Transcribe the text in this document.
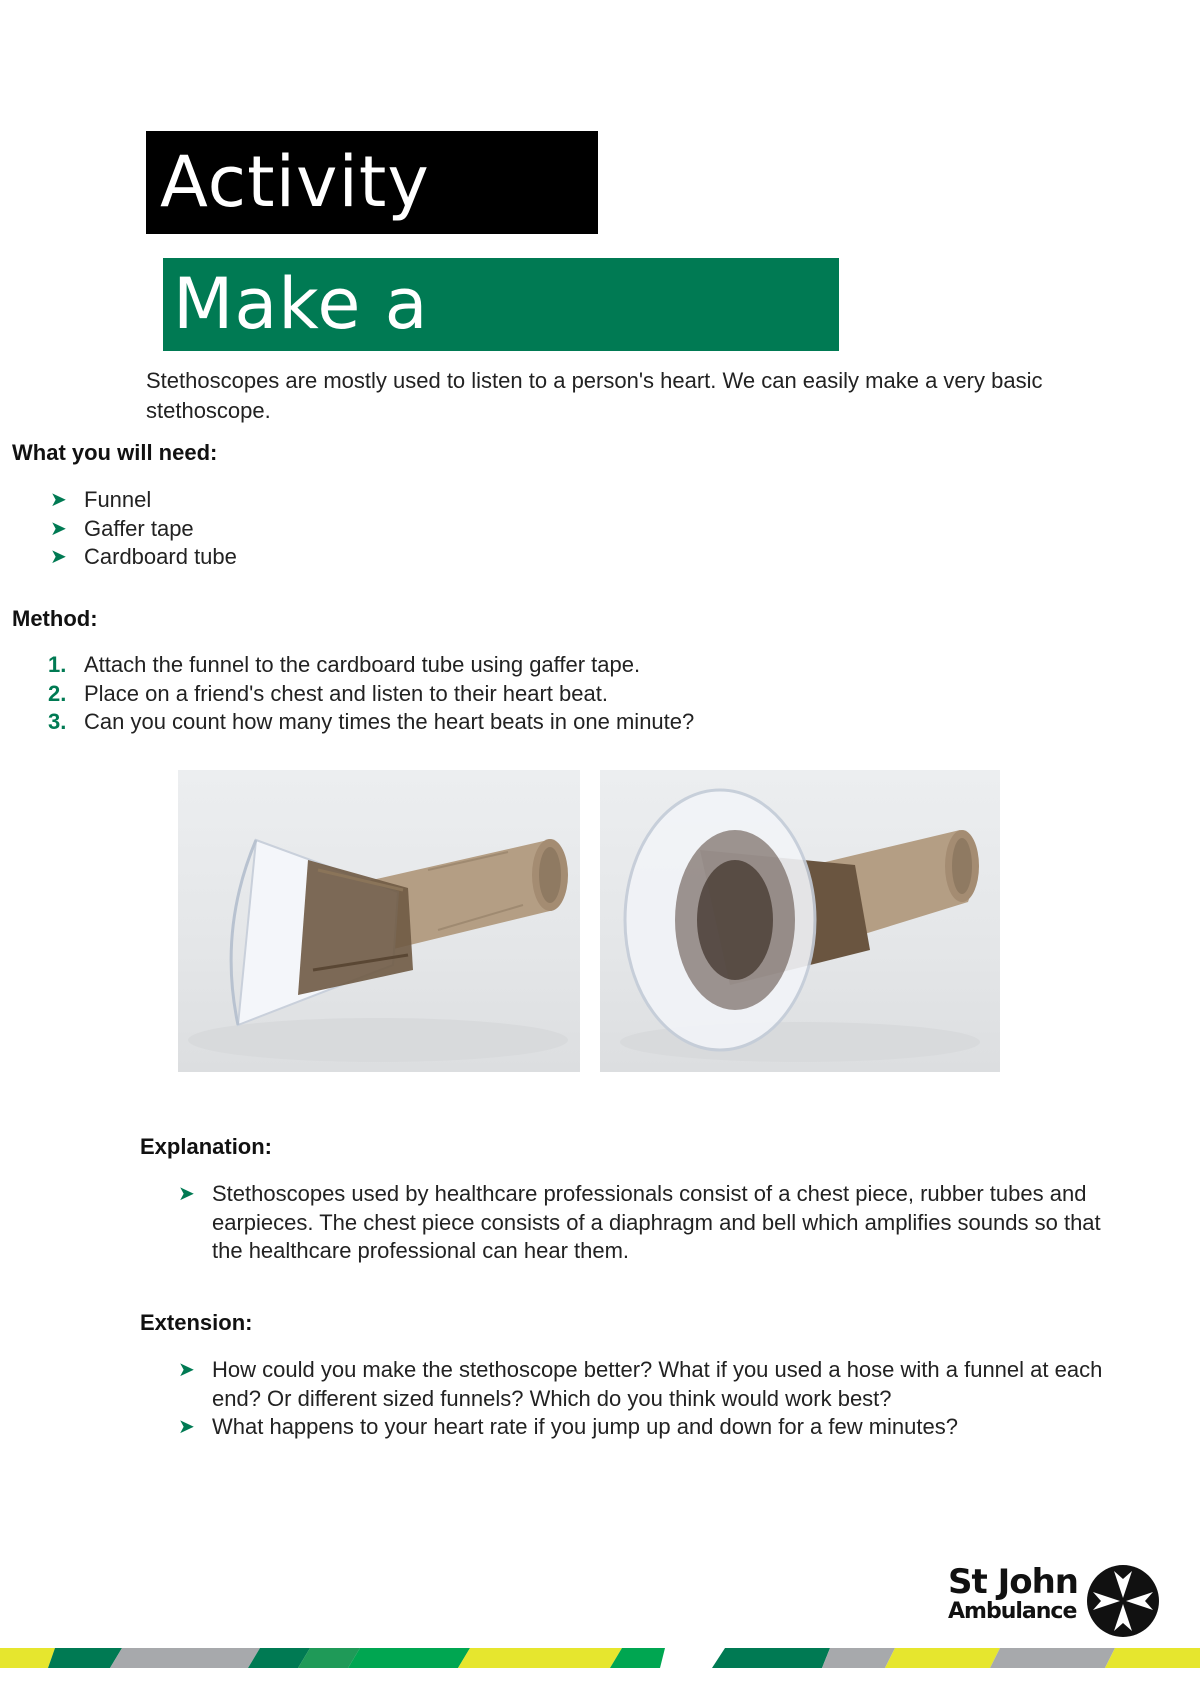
Activity
Make a
Stethoscopes are mostly used to listen to a person's heart. We can easily make a very basic stethoscope.
What you will need:
➤ Funnel
➤ Gaffer tape
➤ Cardboard tube
Method:
1. Attach the funnel to the cardboard tube using gaffer tape.
2. Place on a friend's chest and listen to their heart beat.
3. Can you count how many times the heart beats in one minute?
Explanation:
➤ Stethoscopes used by healthcare professionals consist of a chest piece, rubber tubes and earpieces. The chest piece consists of a diaphragm and bell which amplifies sounds so that the healthcare professional can hear them.
Extension:
➤ How could you make the stethoscope better? What if you used a hose with a funnel at each end? Or different sized funnels? Which do you think would work best?
➤ What happens to your heart rate if you jump up and down for a few minutes?
St John
Ambulance
